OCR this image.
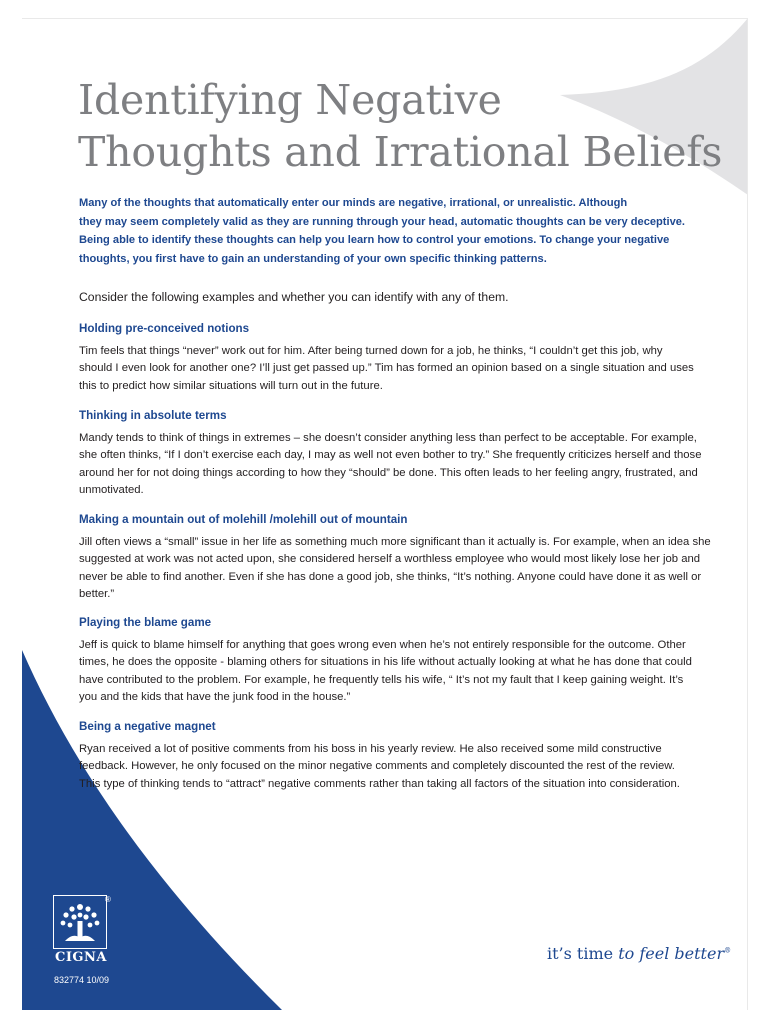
Identifying Negative
Thoughts and Irrational Beliefs

Many of the thoughts that automatically enter our minds are negative, irrational, or unrealistic. Although
they may seem completely valid as they are running through your head, automatic thoughts can be very deceptive.
Being able to identify these thoughts can help you learn how to control your emotions. To change your negative
thoughts, you first have to gain an understanding of your own specific thinking patterns.

Consider the following examples and whether you can identify with any of them.

Holding pre-conceived notions

Tim feels that things “never” work out for him. After being turned down for a job, he thinks, “I couldn’t get this job, why
should I even look for another one? I’ll just get passed up.” Tim has formed an opinion based on a single situation and uses
this to predict how similar situations will turn out in the future.

Thinking in absolute terms

Mandy tends to think of things in extremes – she doesn’t consider anything less than perfect to be acceptable. For example,
she often thinks, “If I don’t exercise each day, I may as well not even bother to try.” She frequently criticizes herself and those
around her for not doing things according to how they “should” be done. This often leads to her feeling angry, frustrated, and
unmotivated.

Making a mountain out of molehill /molehill out of mountain

Jill often views a “small” issue in her life as something much more significant than it actually is. For example, when an idea she
suggested at work was not acted upon, she considered herself a worthless employee who would most likely lose her job and
never be able to find another. Even if she has done a good job, she thinks, “It’s nothing. Anyone could have done it as well or
better.”

Playing the blame game

Jeff is quick to blame himself for anything that goes wrong even when he’s not entirely responsible for the outcome. Other
times, he does the opposite - blaming others for situations in his life without actually looking at what he has done that could
have contributed to the problem. For example, he frequently tells his wife, “ It’s not my fault that I keep gaining weight. It’s
you and the kids that have the junk food in the house.”

Being a negative magnet

Ryan received a lot of positive comments from his boss in his yearly review. He also received some mild constructive
feedback. However, he only focused on the minor negative comments and completely discounted the rest of the review.
This type of thinking tends to “attract” negative comments rather than taking all factors of the situation into consideration.

®
CIGNA
832774 10/09

it’s time to feel better®
